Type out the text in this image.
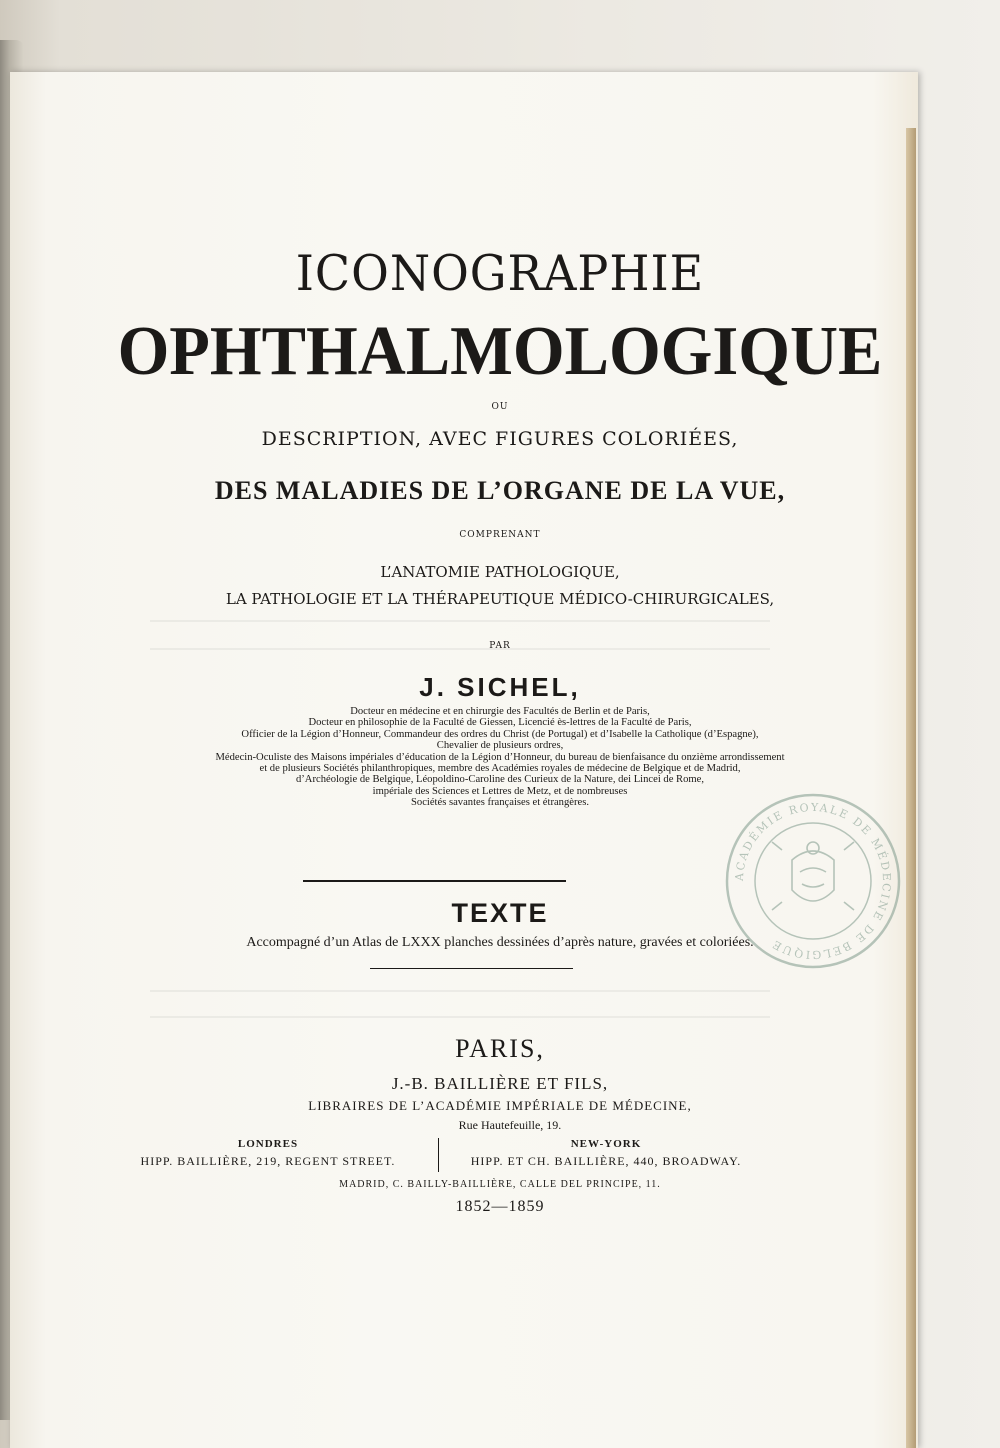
ICONOGRAPHIE
OPHTHALMOLOGIQUE
OU
DESCRIPTION, AVEC FIGURES COLORIÉES,
DES MALADIES DE L’ORGANE DE LA VUE,
COMPRENANT
L’ANATOMIE PATHOLOGIQUE,
LA PATHOLOGIE ET LA THÉRAPEUTIQUE MÉDICO-CHIRURGICALES,
PAR
J. SICHEL,
Docteur en médecine et en chirurgie des Facultés de Berlin et de Paris,
Docteur en philosophie de la Faculté de Giessen, Licencié ès-lettres de la Faculté de Paris,
Officier de la Légion d’Honneur, Commandeur des ordres du Christ (de Portugal) et d’Isabelle la Catholique (d’Espagne),
Chevalier de plusieurs ordres,
Médecin-Oculiste des Maisons impériales d’éducation de la Légion d’Honneur, du bureau de bienfaisance du onzième arrondissement
et de plusieurs Sociétés philanthropiques, membre des Académies royales de médecine de Belgique et de Madrid,
d’Archéologie de Belgique, Léopoldino-Caroline des Curieux de la Nature, dei Lincei de Rome,
impériale des Sciences et Lettres de Metz, et de nombreuses
Sociétés savantes françaises et étrangères.
TEXTE
Accompagné d’un Atlas de LXXX planches dessinées d’après nature, gravées et coloriées.
PARIS,
J.-B. BAILLIÈRE ET FILS,
LIBRAIRES DE L’ACADÉMIE IMPÉRIALE DE MÉDECINE,
Rue Hautefeuille, 19.
LONDRES
HIPP. BAILLIÈRE, 219, REGENT STREET.
NEW-YORK
HIPP. ET CH. BAILLIÈRE, 440, BROADWAY.
MADRID, C. BAILLY-BAILLIÈRE, CALLE DEL PRINCIPE, 11.
1852—1859
ACADÉMIE ROYALE DE MÉDECINE DE BELGIQUE
